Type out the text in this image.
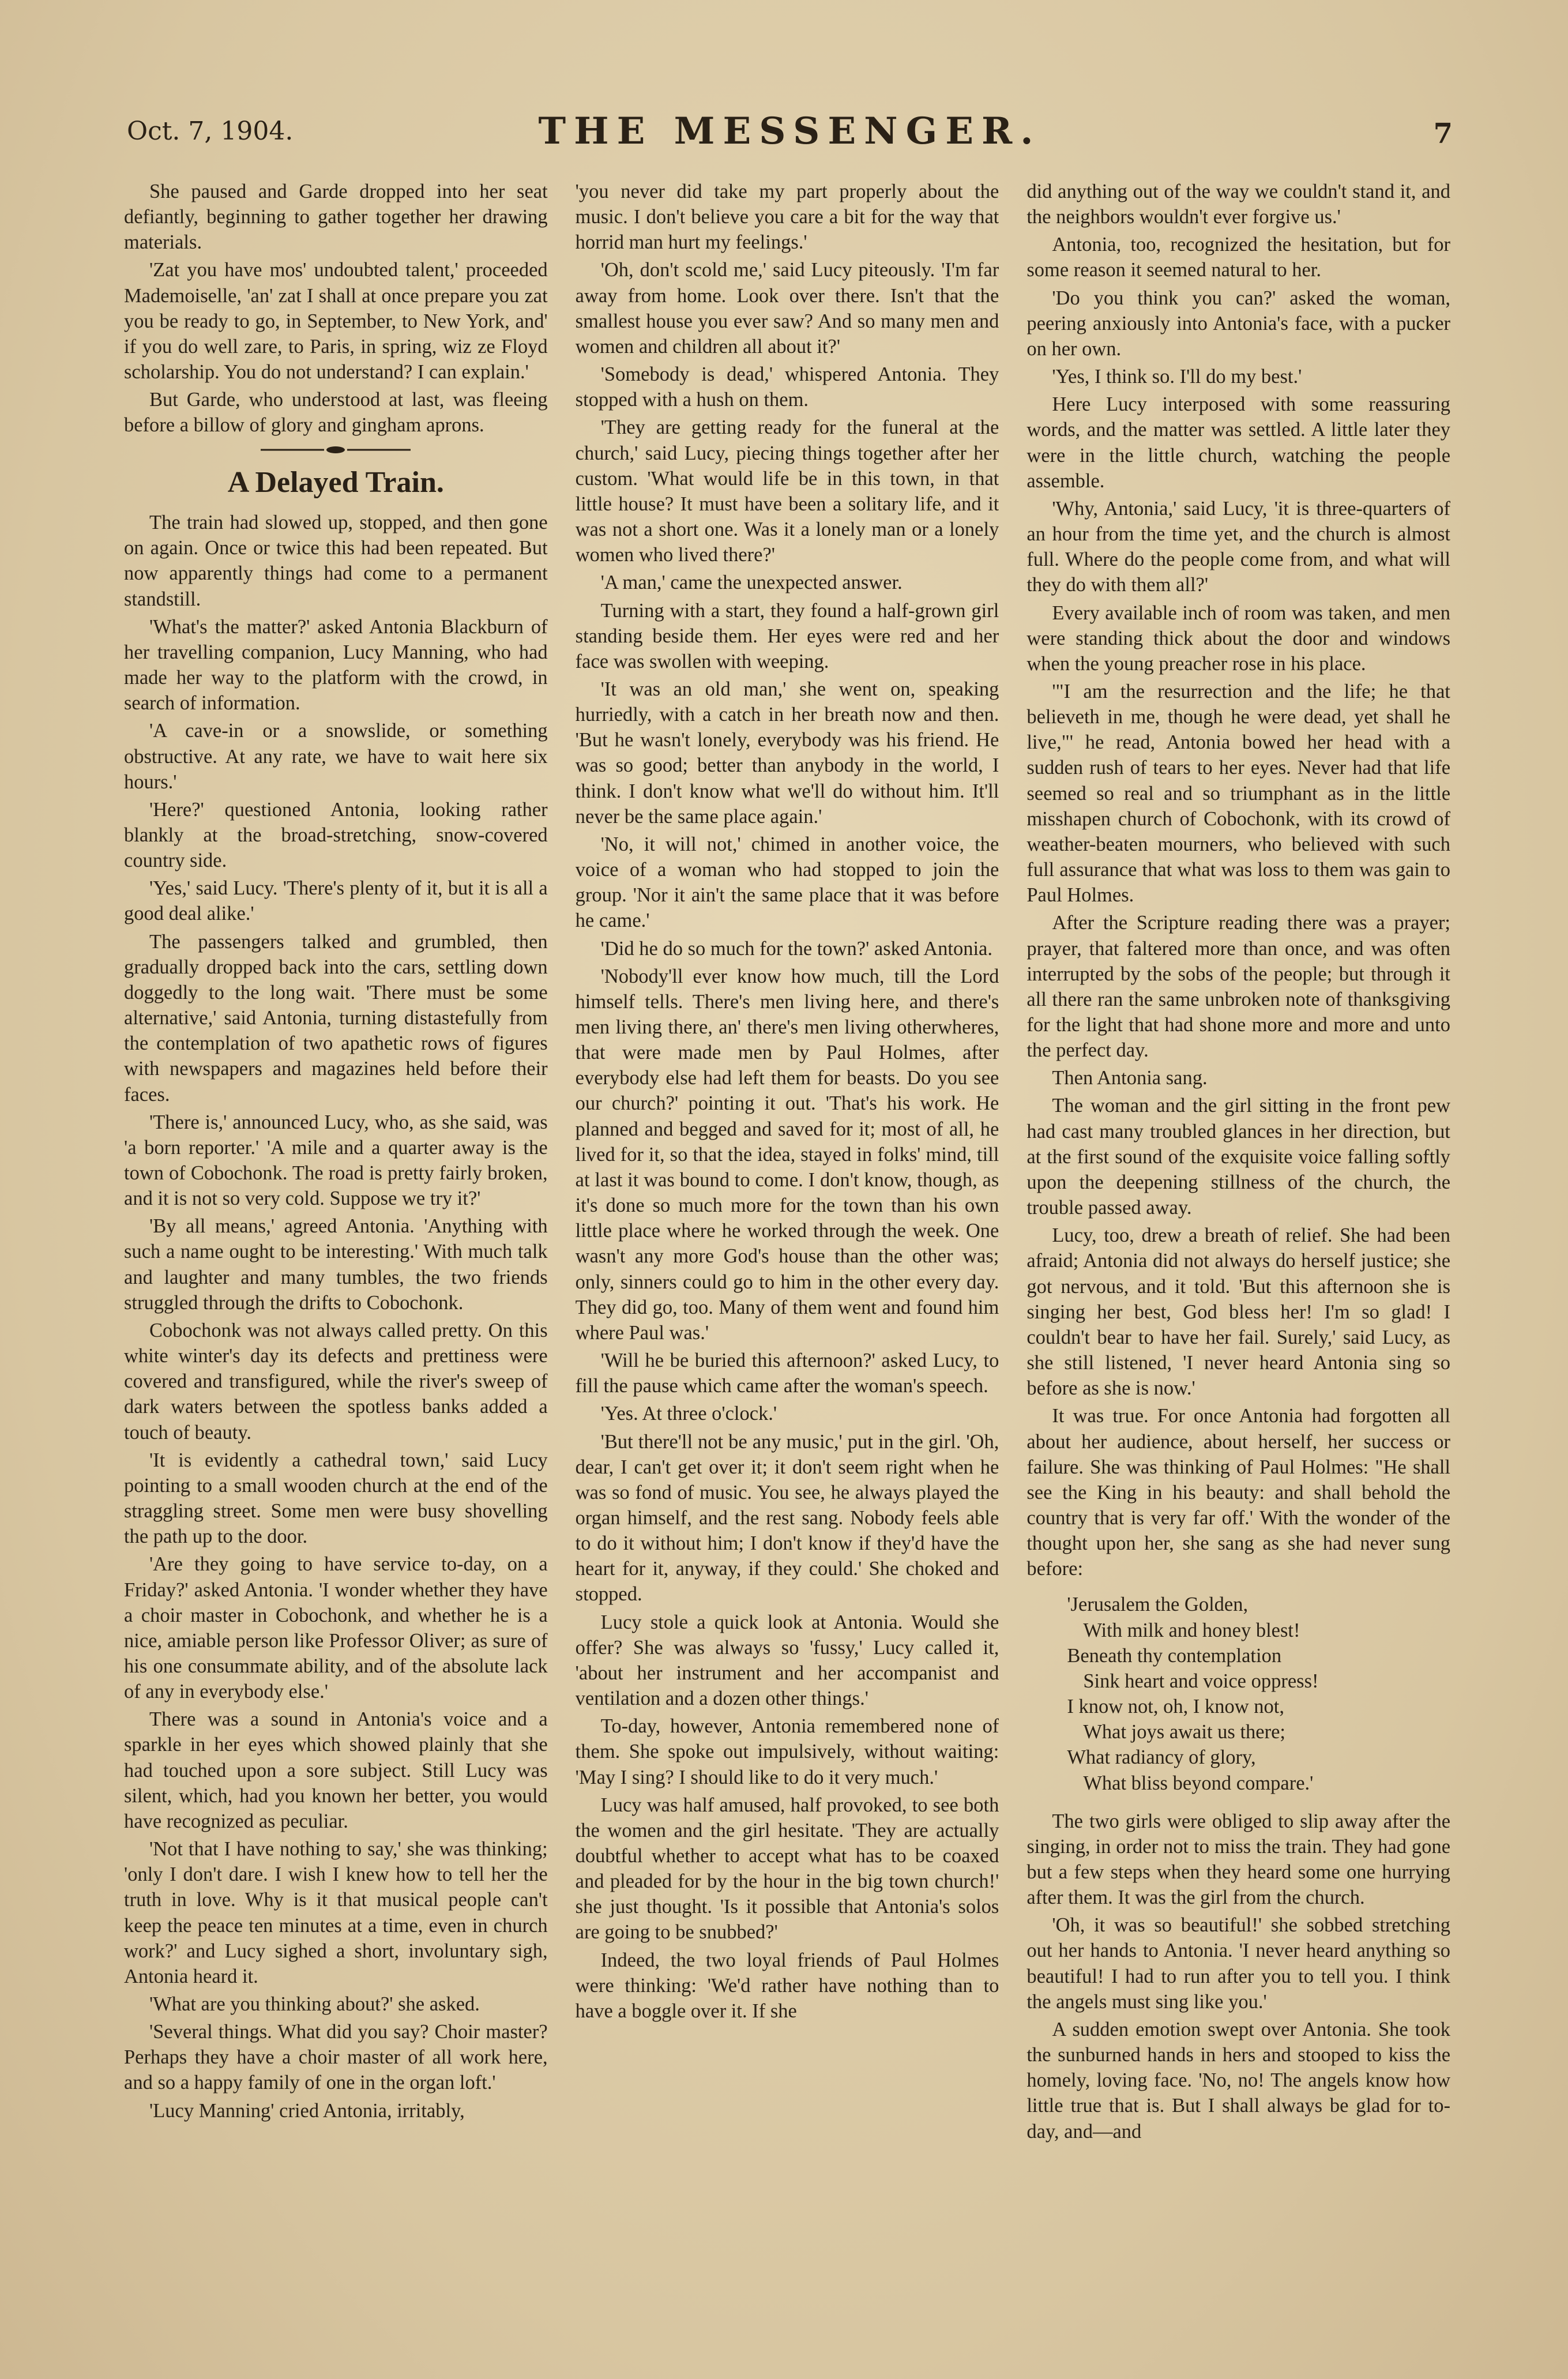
Oct. 7, 1904.	THE MESSENGER.	7

She paused and Garde dropped into her seat defiantly, beginning to gather together her drawing materials.

'Zat you have mos' undoubted talent,' proceeded Mademoiselle, 'an' zat I shall at once prepare you zat you be ready to go, in September, to New York, and' if you do well zare, to Paris, in spring, wiz ze Floyd scholarship. You do not understand? I can explain.'

But Garde, who understood at last, was fleeing before a billow of glory and gingham aprons.

A Delayed Train.

The train had slowed up, stopped, and then gone on again. Once or twice this had been repeated. But now apparently things had come to a permanent standstill.

'What's the matter?' asked Antonia Blackburn of her travelling companion, Lucy Manning, who had made her way to the platform with the crowd, in search of information.

'A cave-in or a snowslide, or something obstructive. At any rate, we have to wait here six hours.'

'Here?' questioned Antonia, looking rather blankly at the broad-stretching, snow-covered country side.

'Yes,' said Lucy. 'There's plenty of it, but it is all a good deal alike.'

The passengers talked and grumbled, then gradually dropped back into the cars, settling down doggedly to the long wait. 'There must be some alternative,' said Antonia, turning distastefully from the contemplation of two apathetic rows of figures with newspapers and magazines held before their faces.

'There is,' announced Lucy, who, as she said, was 'a born reporter.' 'A mile and a quarter away is the town of Cobochonk. The road is pretty fairly broken, and it is not so very cold. Suppose we try it?'

'By all means,' agreed Antonia. 'Anything with such a name ought to be interesting.' With much talk and laughter and many tumbles, the two friends struggled through the drifts to Cobochonk.

Cobochonk was not always called pretty. On this white winter's day its defects and prettiness were covered and transfigured, while the river's sweep of dark waters between the spotless banks added a touch of beauty.

'It is evidently a cathedral town,' said Lucy pointing to a small wooden church at the end of the straggling street. Some men were busy shovelling the path up to the door.

'Are they going to have service to-day, on a Friday?' asked Antonia. 'I wonder whether they have a choir master in Cobochonk, and whether he is a nice, amiable person like Professor Oliver; as sure of his one consummate ability, and of the absolute lack of any in everybody else.'

There was a sound in Antonia's voice and a sparkle in her eyes which showed plainly that she had touched upon a sore subject. Still Lucy was silent, which, had you known her better, you would have recognized as peculiar.

'Not that I have nothing to say,' she was thinking; 'only I don't dare. I wish I knew how to tell her the truth in love. Why is it that musical people can't keep the peace ten minutes at a time, even in church work?' and Lucy sighed a short, involuntary sigh, Antonia heard it.

'What are you thinking about?' she asked.

'Several things. What did you say? Choir master? Perhaps they have a choir master of all work here, and so a happy family of one in the organ loft.'

'Lucy Manning' cried Antonia, irritably,

'you never did take my part properly about the music. I don't believe you care a bit for the way that horrid man hurt my feelings.'

'Oh, don't scold me,' said Lucy piteously. 'I'm far away from home. Look over there. Isn't that the smallest house you ever saw? And so many men and women and children all about it?'

'Somebody is dead,' whispered Antonia. They stopped with a hush on them.

'They are getting ready for the funeral at the church,' said Lucy, piecing things together after her custom. 'What would life be in this town, in that little house? It must have been a solitary life, and it was not a short one. Was it a lonely man or a lonely women who lived there?'

'A man,' came the unexpected answer.

Turning with a start, they found a half-grown girl standing beside them. Her eyes were red and her face was swollen with weeping.

'It was an old man,' she went on, speaking hurriedly, with a catch in her breath now and then. 'But he wasn't lonely, everybody was his friend. He was so good; better than anybody in the world, I think. I don't know what we'll do without him. It'll never be the same place again.'

'No, it will not,' chimed in another voice, the voice of a woman who had stopped to join the group. 'Nor it ain't the same place that it was before he came.'

'Did he do so much for the town?' asked Antonia.

'Nobody'll ever know how much, till the Lord himself tells. There's men living here, and there's men living there, an' there's men living otherwheres, that were made men by Paul Holmes, after everybody else had left them for beasts. Do you see our church?' pointing it out. 'That's his work. He planned and begged and saved for it; most of all, he lived for it, so that the idea, stayed in folks' mind, till at last it was bound to come. I don't know, though, as it's done so much more for the town than his own little place where he worked through the week. One wasn't any more God's house than the other was; only, sinners could go to him in the other every day. They did go, too. Many of them went and found him where Paul was.'

'Will he be buried this afternoon?' asked Lucy, to fill the pause which came after the woman's speech.

'Yes. At three o'clock.'

'But there'll not be any music,' put in the girl. 'Oh, dear, I can't get over it; it don't seem right when he was so fond of music. You see, he always played the organ himself, and the rest sang. Nobody feels able to do it without him; I don't know if they'd have the heart for it, anyway, if they could.' She choked and stopped.

Lucy stole a quick look at Antonia. Would she offer? She was always so 'fussy,' Lucy called it, 'about her instrument and her accompanist and ventilation and a dozen other things.'

To-day, however, Antonia remembered none of them. She spoke out impulsively, without waiting: 'May I sing? I should like to do it very much.'

Lucy was half amused, half provoked, to see both the women and the girl hesitate. 'They are actually doubtful whether to accept what has to be coaxed and pleaded for by the hour in the big town church!' she just thought. 'Is it possible that Antonia's solos are going to be snubbed?'

Indeed, the two loyal friends of Paul Holmes were thinking: 'We'd rather have nothing than to have a boggle over it. If she

did anything out of the way we couldn't stand it, and the neighbors wouldn't ever forgive us.'

Antonia, too, recognized the hesitation, but for some reason it seemed natural to her.

'Do you think you can?' asked the woman, peering anxiously into Antonia's face, with a pucker on her own.

'Yes, I think so. I'll do my best.'

Here Lucy interposed with some reassuring words, and the matter was settled. A little later they were in the little church, watching the people assemble.

'Why, Antonia,' said Lucy, 'it is three-quarters of an hour from the time yet, and the church is almost full. Where do the people come from, and what will they do with them all?'

Every available inch of room was taken, and men were standing thick about the door and windows when the young preacher rose in his place.

'"I am the resurrection and the life; he that believeth in me, though he were dead, yet shall he live,"' he read, Antonia bowed her head with a sudden rush of tears to her eyes. Never had that life seemed so real and so triumphant as in the little misshapen church of Cobochonk, with its crowd of weather-beaten mourners, who believed with such full assurance that what was loss to them was gain to Paul Holmes.

After the Scripture reading there was a prayer; prayer, that faltered more than once, and was often interrupted by the sobs of the people; but through it all there ran the same unbroken note of thanksgiving for the light that had shone more and more and unto the perfect day.

Then Antonia sang.

The woman and the girl sitting in the front pew had cast many troubled glances in her direction, but at the first sound of the exquisite voice falling softly upon the deepening stillness of the church, the trouble passed away.

Lucy, too, drew a breath of relief. She had been afraid; Antonia did not always do herself justice; she got nervous, and it told. 'But this afternoon she is singing her best, God bless her! I'm so glad! I couldn't bear to have her fail. Surely,' said Lucy, as she still listened, 'I never heard Antonia sing so before as she is now.'

It was true. For once Antonia had forgotten all about her audience, about herself, her success or failure. She was thinking of Paul Holmes: "He shall see the King in his beauty: and shall behold the country that is very far off.' With the wonder of the thought upon her, she sang as she had never sung before:

'Jerusalem the Golden,
With milk and honey blest!
Beneath thy contemplation
Sink heart and voice oppress!
I know not, oh, I know not,
What joys await us there;
What radiancy of glory,
What bliss beyond compare.'

The two girls were obliged to slip away after the singing, in order not to miss the train. They had gone but a few steps when they heard some one hurrying after them. It was the girl from the church.

'Oh, it was so beautiful!' she sobbed stretching out her hands to Antonia. 'I never heard anything so beautiful! I had to run after you to tell you. I think the angels must sing like you.'

A sudden emotion swept over Antonia. She took the sunburned hands in hers and stooped to kiss the homely, loving face. 'No, no! The angels know how little true that is. But I shall always be glad for to-day, and—and
